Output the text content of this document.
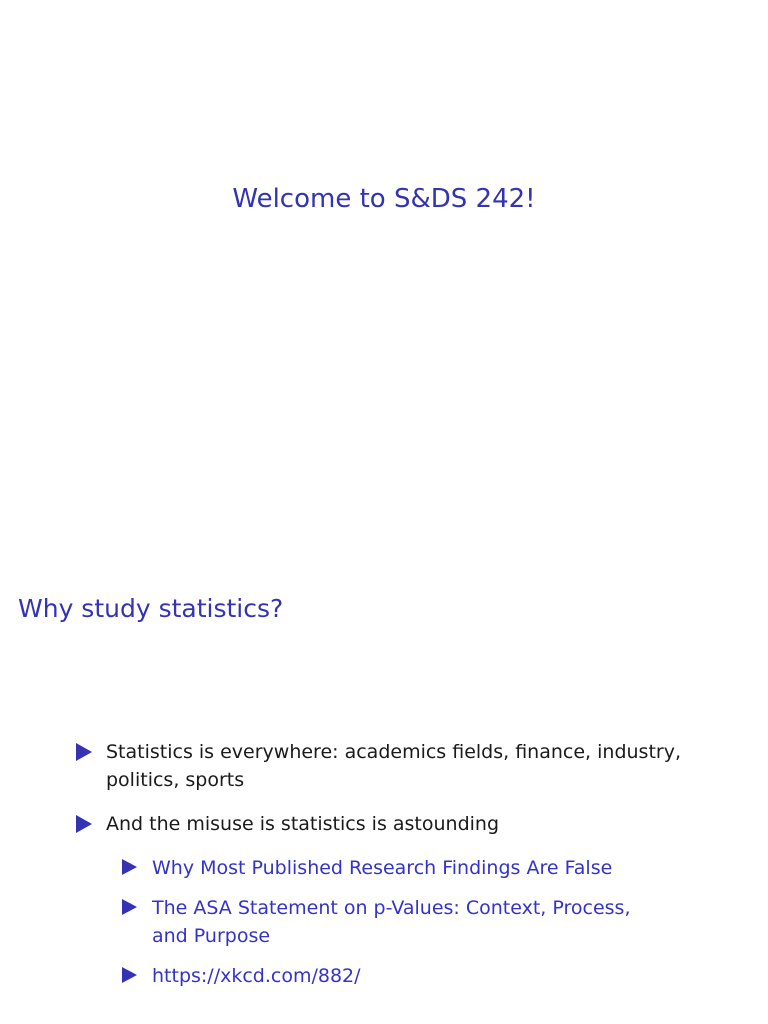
Welcome to S&DS 242!
Why study statistics?
Statistics is everywhere: academics fields, finance, industry, politics, sports
And the misuse is statistics is astounding
Why Most Published Research Findings Are False
The ASA Statement on p-Values: Context, Process, and Purpose
https://xkcd.com/882/
